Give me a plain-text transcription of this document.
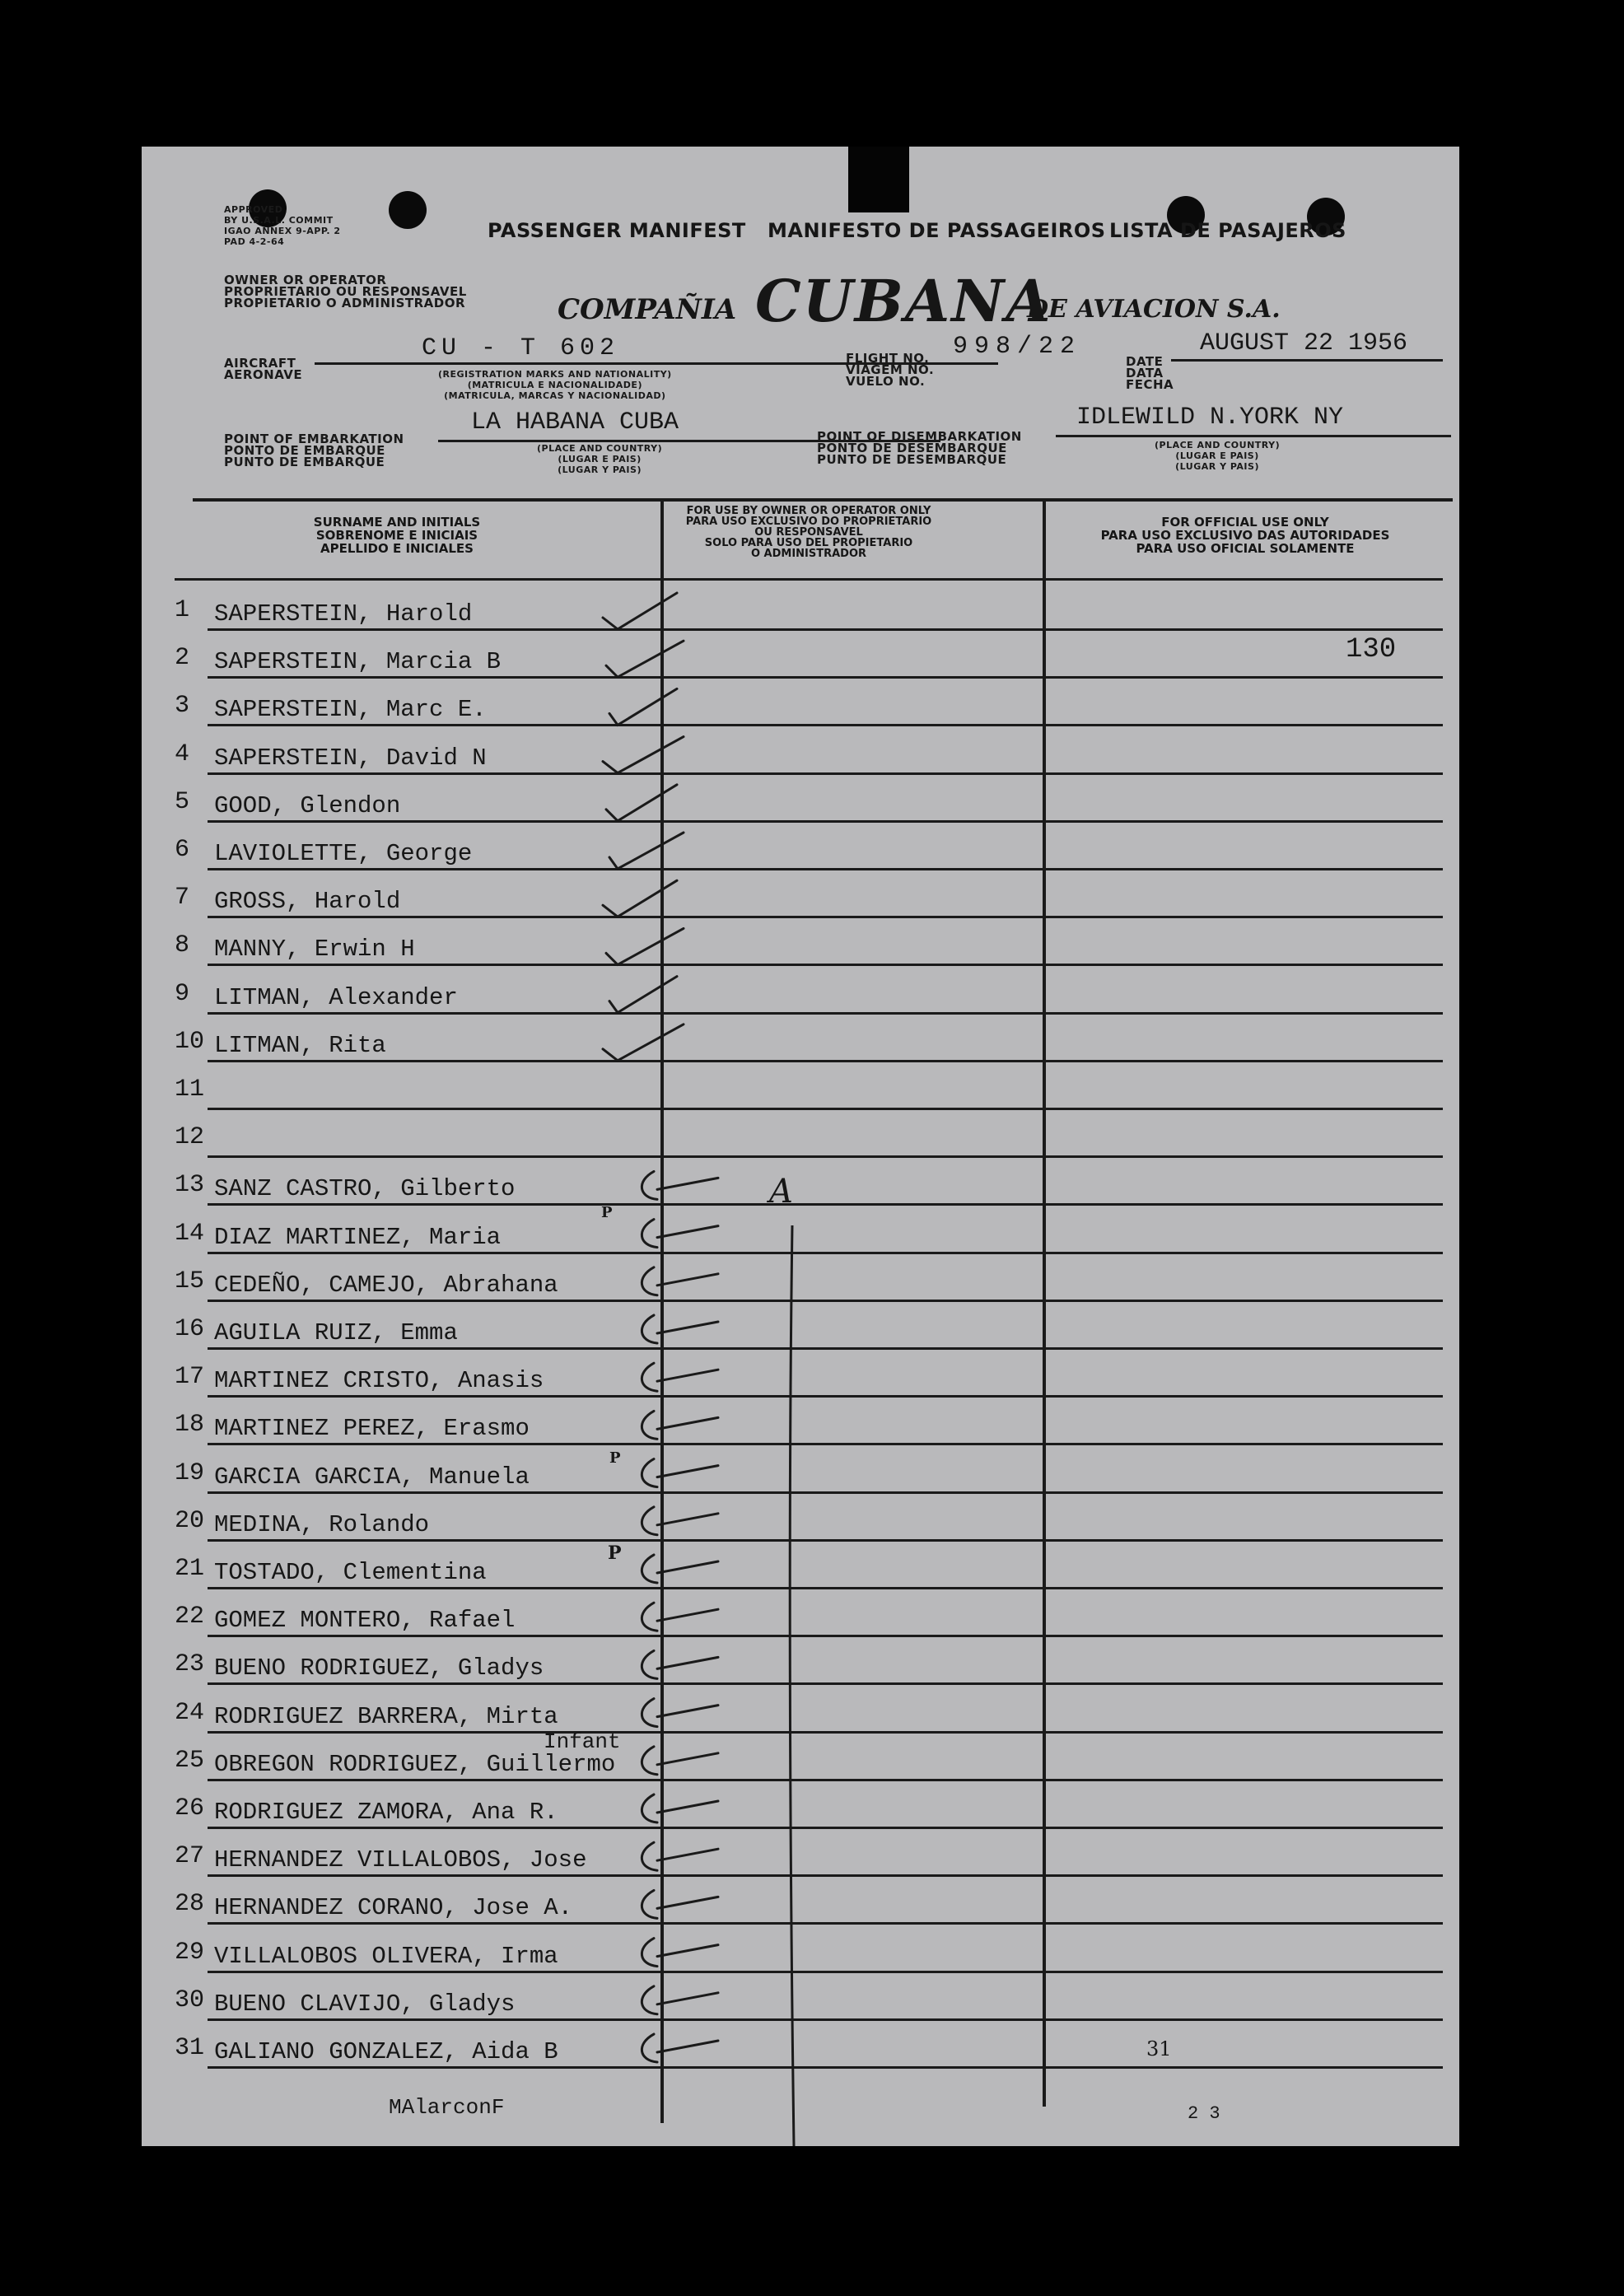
APPROVED
BY U.S.A.L. COMMIT
IGAO ANNEX 9-APP. 2
PAD 4-2-64	PASSENGER MANIFEST MANIFESTO DE PASSAGEIROS LISTA DE PASAJEROS
OWNER OR OPERATOR
PROPRIETARIO OU RESPONSAVEL
PROPIETARIO O ADMINISTRADOR	COMPAÑIA CUBANA
DE AVIACION S.A.
AIRCRAFT
AERONAVE
CU - T 602
(REGISTRATION MARKS AND NATIONALITY)
(MATRICULA E NACIONALIDADE)
(MATRICULA, MARCAS Y NACIONALIDAD)
FLIGHT NO.
VIAGEM NO.
VUELO NO.
998/22
DATE
DATA
FECHA
AUGUST 22 1956
POINT OF EMBARKATION
PONTO DE EMBARQUE
PUNTO DE EMBARQUE
LA HABANA CUBA
(PLACE AND COUNTRY)
(LUGAR E PAIS)
(LUGAR Y PAIS)
POINT OF DISEMBARKATION
PONTO DE DESEMBARQUE
PUNTO DE DESEMBARQUE
IDLEWILD N.YORK NY
(PLACE AND COUNTRY)
(LUGAR E PAIS)
(LUGAR Y PAIS)
SURNAME AND INITIALS
SOBRENOME E INICIAIS
APELLIDO E INICIALES
FOR USE BY OWNER OR OPERATOR ONLY
PARA USO EXCLUSIVO DO PROPRIETARIO
OU RESPONSAVEL
SOLO PARA USO DEL PROPIETARIO
O ADMINISTRADOR
FOR OFFICIAL USE ONLY
PARA USO EXCLUSIVO DAS AUTORIDADES
PARA USO OFICIAL SOLAMENTE
1	SAPERSTEIN, Harold
2	SAPERSTEIN, Marcia B
3	SAPERSTEIN, Marc E.
4	SAPERSTEIN, David N
5	GOOD, Glendon
6	LAVIOLETTE, George
7	GROSS, Harold
8	MANNY, Erwin H
9	LITMAN, Alexander
10 LITMAN, Rita
11
12
13 SANZ CASTRO, Gilberto
14 DIAZ MARTINEZ, Maria
15 CEDEÑO, CAMEJO, Abrahana
16 AGUILA RUIZ, Emma
17 MARTINEZ CRISTO, Anasis
18 MARTINEZ PEREZ, Erasmo
19 GARCIA GARCIA, Manuela
20 MEDINA, Rolando
21 TOSTADO, Clementina
22 GOMEZ MONTERO, Rafael
23 BUENO RODRIGUEZ, Gladys
24 RODRIGUEZ BARRERA, Mirta
25 OBREGON RODRIGUEZ, Guillermo
26 RODRIGUEZ ZAMORA, Ana R.
27 HERNANDEZ VILLALOBOS, Jose
28 HERNANDEZ CORANO, Jose A.
29 VILLALOBOS OLIVERA, Irma
30 BUENO CLAVIJO, Gladys
31 GALIANO GONZALEZ, Aida B
130
A
P
P
P
Infant
31
MAlarconF	2 3
